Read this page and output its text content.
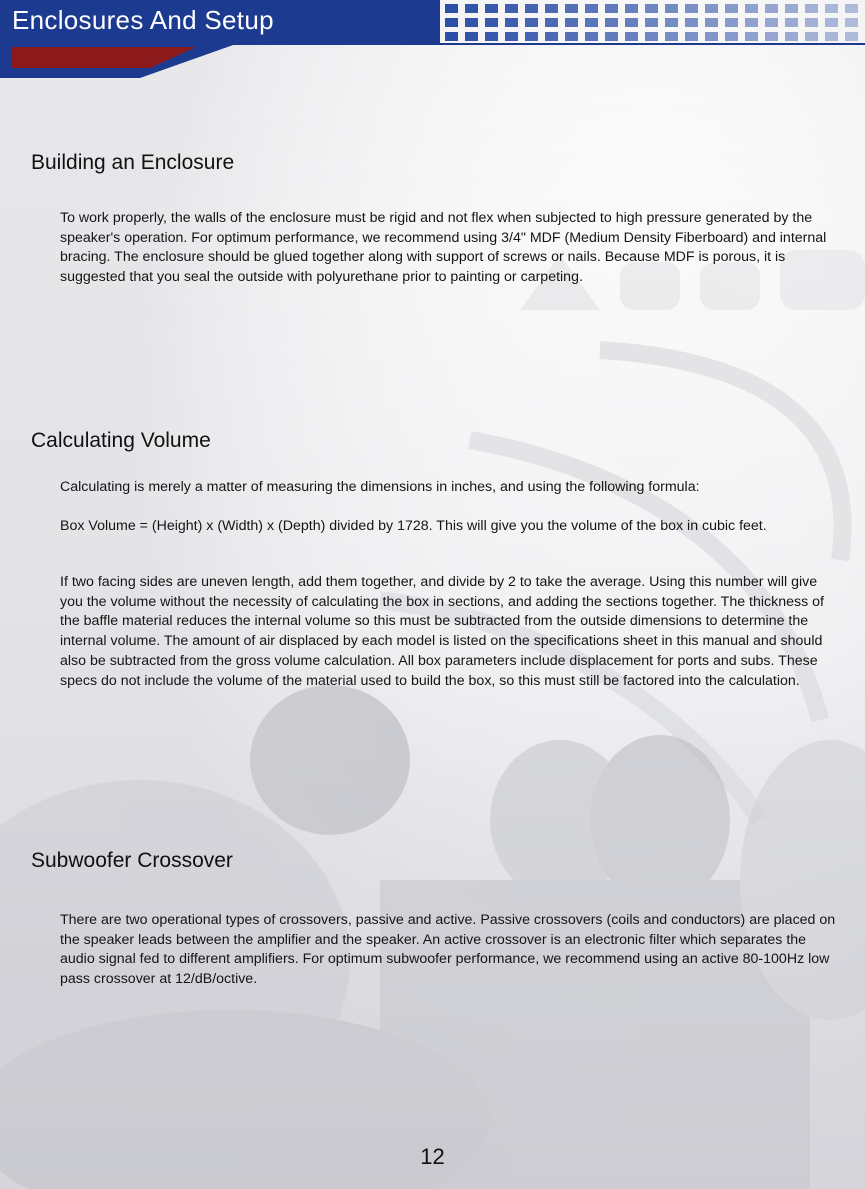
Enclosures And Setup
Building an Enclosure

To work properly, the walls of the enclosure must be rigid and not flex when subjected to high pressure generated by the speaker's operation. For optimum performance, we recommend using 3/4" MDF (Medium Density Fiberboard) and internal bracing. The enclosure should be glued together along with support of screws or nails. Because MDF is porous, it is suggested that you seal the outside with polyurethane prior to painting or carpeting.

Calculating Volume

Calculating is merely a matter of measuring the dimensions in inches, and using the following formula:

Box Volume = (Height) x (Width) x (Depth) divided by 1728. This will give you the volume of the box in cubic feet.

If two facing sides are uneven length, add them together, and divide by 2 to take the average. Using this number will give you the volume without the necessity of calculating the box in sections, and adding the sections together. The thickness of the baffle material reduces the internal volume so this must be subtracted from the outside dimensions to determine the internal volume. The amount of air displaced by each model is listed on the specifications sheet in this manual and should also be subtracted from the gross volume calculation. All box parameters include displacement for ports and subs. These specs do not include the volume of the material used to build the box, so this must still be factored into the calculation.

Subwoofer Crossover

There are two operational types of crossovers, passive and active. Passive crossovers (coils and conductors) are placed on the speaker leads between the amplifier and the speaker. An active crossover is an electronic filter which separates the audio signal fed to different amplifiers. For optimum subwoofer performance, we recommend using an active 80-100Hz low pass crossover at 12/dB/octive.

12
